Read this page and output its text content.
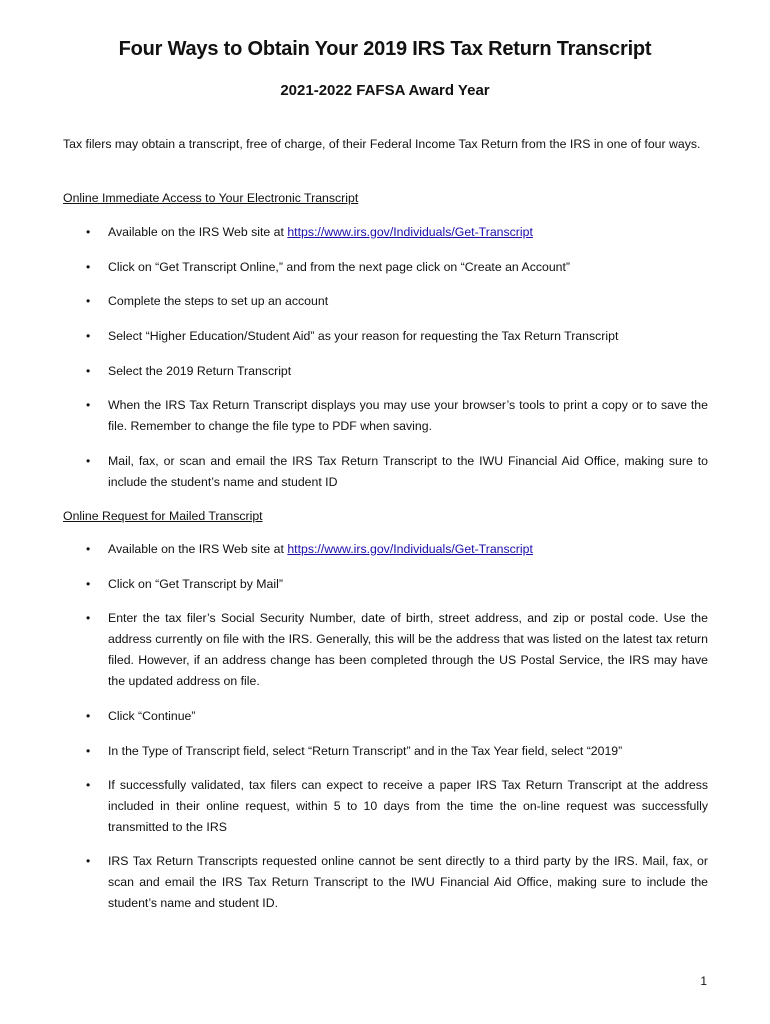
Four Ways to Obtain Your 2019 IRS Tax Return Transcript
2021-2022 FAFSA Award Year

Tax filers may obtain a transcript, free of charge, of their Federal Income Tax Return from the IRS in one of four ways.

Online Immediate Access to Your Electronic Transcript

• Available on the IRS Web site at https://www.irs.gov/Individuals/Get-Transcript

• Click on “Get Transcript Online,” and from the next page click on “Create an Account”

• Complete the steps to set up an account

• Select “Higher Education/Student Aid” as your reason for requesting the Tax Return Transcript

• Select the 2019 Return Transcript

• When the IRS Tax Return Transcript displays you may use your browser’s tools to print a copy or to save the file. Remember to change the file type to PDF when saving.

• Mail, fax, or scan and email the IRS Tax Return Transcript to the IWU Financial Aid Office, making sure to include the student’s name and student ID

Online Request for Mailed Transcript

• Available on the IRS Web site at https://www.irs.gov/Individuals/Get-Transcript

• Click on “Get Transcript by Mail”

• Enter the tax filer’s Social Security Number, date of birth, street address, and zip or postal code. Use the address currently on file with the IRS. Generally, this will be the address that was listed on the latest tax return filed. However, if an address change has been completed through the US Postal Service, the IRS may have the updated address on file.

• Click “Continue”

• In the Type of Transcript field, select “Return Transcript” and in the Tax Year field, select “2019”

• If successfully validated, tax filers can expect to receive a paper IRS Tax Return Transcript at the address included in their online request, within 5 to 10 days from the time the on-line request was successfully transmitted to the IRS

• IRS Tax Return Transcripts requested online cannot be sent directly to a third party by the IRS. Mail, fax, or scan and email the IRS Tax Return Transcript to the IWU Financial Aid Office, making sure to include the student’s name and student ID.

1
